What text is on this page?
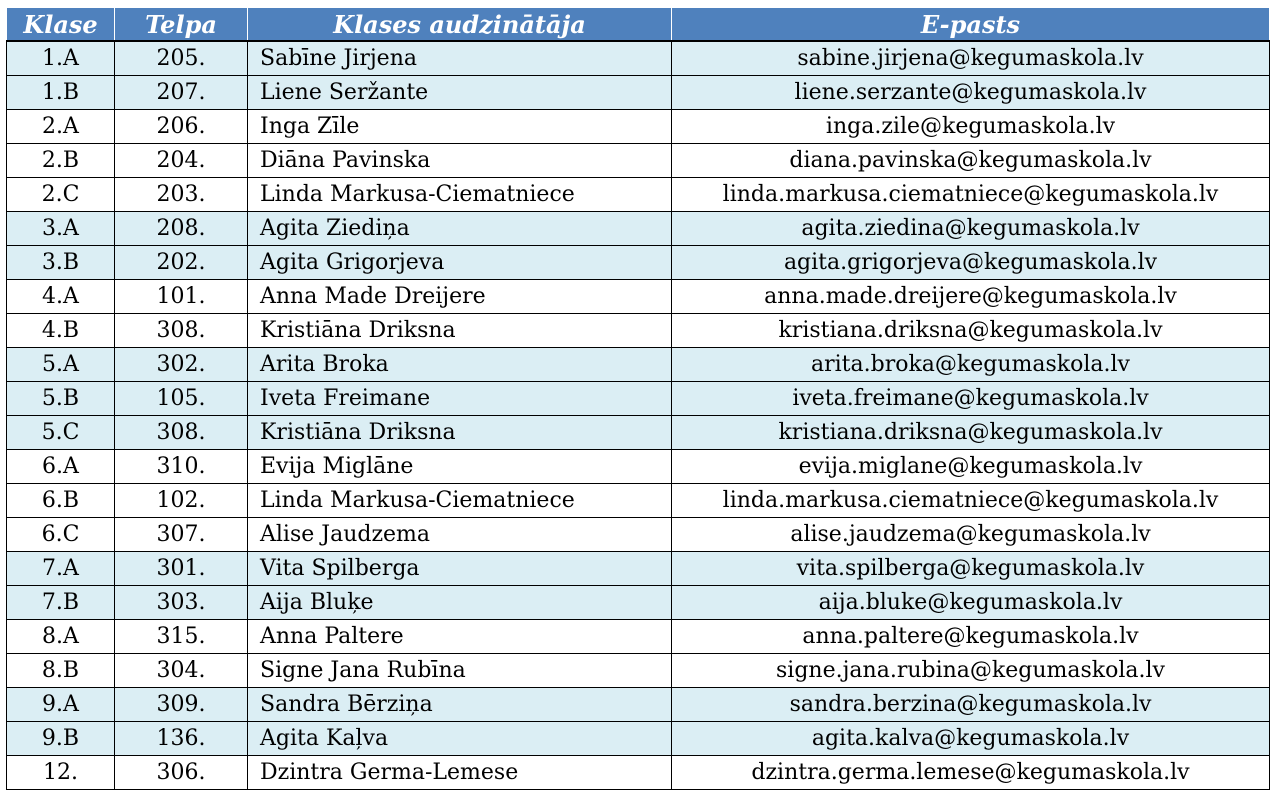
Klase	Telpa	Klases audzinātāja	E-pasts
1.A	205.	Sabīne Jirjena	sabine.jirjena@kegumaskola.lv
1.B	207.	Liene Seržante	liene.serzante@kegumaskola.lv
2.A	206.	Inga Zīle	inga.zile@kegumaskola.lv
2.B	204.	Diāna Pavinska	diana.pavinska@kegumaskola.lv
2.C	203.	Linda Markusa-Ciematniece	linda.markusa.ciematniece@kegumaskola.lv
3.A	208.	Agita Ziediņa	agita.ziedina@kegumaskola.lv
3.B	202.	Agita Grigorjeva	agita.grigorjeva@kegumaskola.lv
4.A	101.	Anna Made Dreijere	anna.made.dreijere@kegumaskola.lv
4.B	308.	Kristiāna Driksna	kristiana.driksna@kegumaskola.lv
5.A	302.	Arita Broka	arita.broka@kegumaskola.lv
5.B	105.	Iveta Freimane	iveta.freimane@kegumaskola.lv
5.C	308.	Kristiāna Driksna	kristiana.driksna@kegumaskola.lv
6.A	310.	Evija Miglāne	evija.miglane@kegumaskola.lv
6.B	102.	Linda Markusa-Ciematniece	linda.markusa.ciematniece@kegumaskola.lv
6.C	307.	Alise Jaudzema	alise.jaudzema@kegumaskola.lv
7.A	301.	Vita Spilberga	vita.spilberga@kegumaskola.lv
7.B	303.	Aija Bluķe	aija.bluke@kegumaskola.lv
8.A	315.	Anna Paltere	anna.paltere@kegumaskola.lv
8.B	304.	Signe Jana Rubīna	signe.jana.rubina@kegumaskola.lv
9.A	309.	Sandra Bērziņa	sandra.berzina@kegumaskola.lv
9.B	136.	Agita Kaļva	agita.kalva@kegumaskola.lv
12.	306.	Dzintra Germa-Lemese	dzintra.germa.lemese@kegumaskola.lv
